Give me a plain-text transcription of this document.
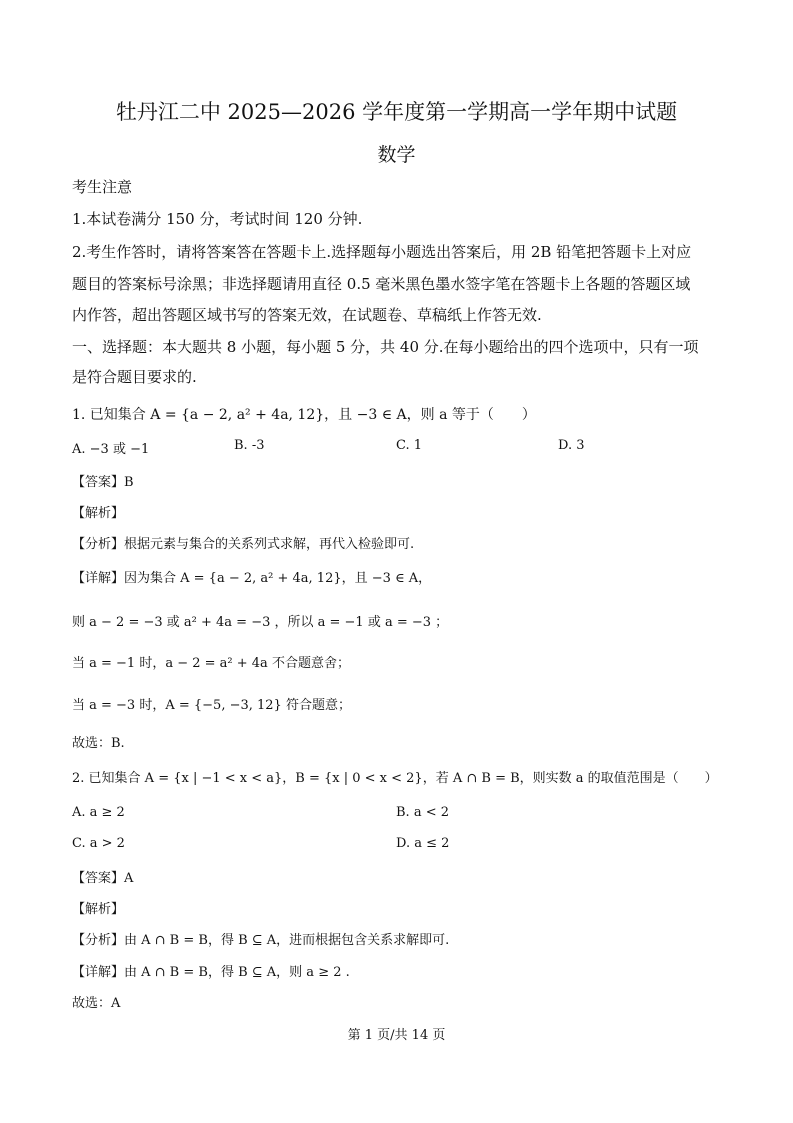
牡丹江二中 2025—2026 学年度第一学期高一学年期中试题
数学
考生注意
1.本试卷满分 150 分，考试时间 120 分钟.
2.考生作答时，请将答案答在答题卡上.选择题每小题选出答案后，用 2B 铅笔把答题卡上对应
题目的答案标号涂黑；非选择题请用直径 0.5 毫米黑色墨水签字笔在答题卡上各题的答题区域
内作答，超出答题区域书写的答案无效，在试题卷、草稿纸上作答无效.
一、选择题：本大题共 8 小题，每小题 5 分，共 40 分.在每小题给出的四个选项中，只有一项
是符合题目要求的.
1. 已知集合 A = {a − 2, a² + 4a, 12}，且 −3 ∈ A，则 a 等于（　　）
A. −3 或 −1	B. -3	C. 1	D. 3
【答案】B
【解析】
【分析】根据元素与集合的关系列式求解，再代入检验即可.
【详解】因为集合 A = {a − 2, a² + 4a, 12}，且 −3 ∈ A，
则 a − 2 = −3 或 a² + 4a = −3 ，所以 a = −1 或 a = −3 ；
当 a = −1 时，a − 2 = a² + 4a 不合题意舍；
当 a = −3 时，A = {−5, −3, 12} 符合题意；
故选：B.
2. 已知集合 A = {x | −1 < x < a}，B = {x | 0 < x < 2}，若 A ∩ B = B，则实数 a 的取值范围是（　　）
A. a ≥ 2	B. a < 2
C. a > 2	D. a ≤ 2
【答案】A
【解析】
【分析】由 A ∩ B = B，得 B ⊆ A，进而根据包含关系求解即可.
【详解】由 A ∩ B = B，得 B ⊆ A，则 a ≥ 2 .
故选：A
第 1 页/共 14 页
